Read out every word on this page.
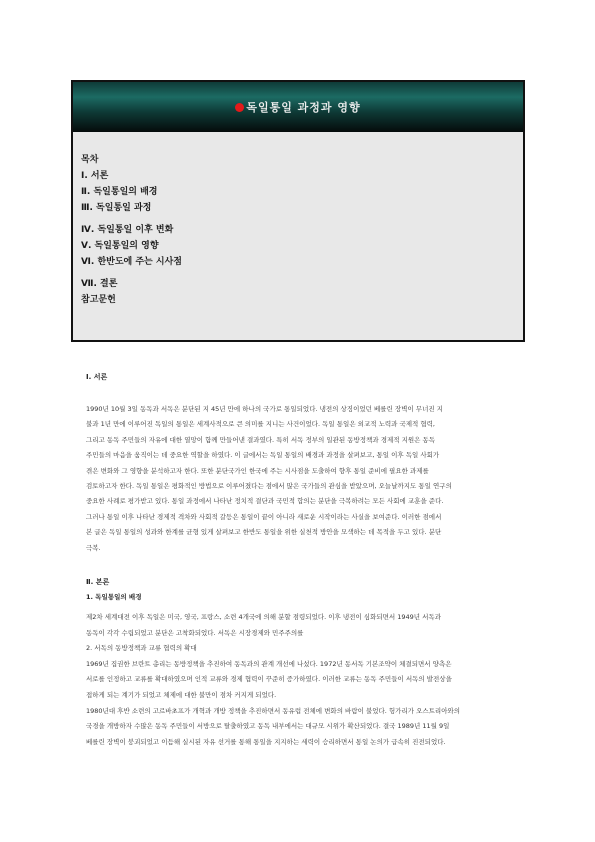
독일통일 과정과 영향
목차
Ⅰ. 서론
Ⅱ. 독일통일의 배경
Ⅲ. 독일통일 과정
Ⅳ. 독일통일 이후 변화
Ⅴ. 독일통일의 영향
Ⅵ. 한반도에 주는 시사점
Ⅶ. 결론
참고문헌
Ⅰ. 서론
1990년 10월 3일 동독과 서독은 분단된 지 45년 만에 하나의 국가로 통일되었다. 냉전의 상징이었던 베를린 장벽이 무너진 지
불과 1년 만에 이루어진 독일의 통일은 세계사적으로 큰 의미를 지니는 사건이었다. 독일 통일은 외교적 노력과 국제적 협력,
그리고 동독 주민들의 자유에 대한 열망이 함께 만들어낸 결과였다. 특히 서독 정부의 일관된 동방정책과 경제적 지원은 동독
주민들의 마음을 움직이는 데 중요한 역할을 하였다. 이 글에서는 독일 통일의 배경과 과정을 살펴보고, 통일 이후 독일 사회가
겪은 변화와 그 영향을 분석하고자 한다. 또한 분단국가인 한국에 주는 시사점을 도출하여 향후 통일 준비에 필요한 과제를
검토하고자 한다. 독일 통일은 평화적인 방법으로 이루어졌다는 점에서 많은 국가들의 관심을 받았으며, 오늘날까지도 통일 연구의
중요한 사례로 평가받고 있다. 통일 과정에서 나타난 정치적 결단과 국민적 합의는 분단을 극복하려는 모든 사회에 교훈을 준다.
그러나 통일 이후 나타난 경제적 격차와 사회적 갈등은 통일이 끝이 아니라 새로운 시작이라는 사실을 보여준다. 이러한 점에서
본 글은 독일 통일의 성과와 한계를 균형 있게 살펴보고 한반도 통일을 위한 실천적 방안을 모색하는 데 목적을 두고 있다. 분단
극복.
Ⅱ. 본론
1. 독일통일의 배경
제2차 세계대전 이후 독일은 미국, 영국, 프랑스, 소련 4개국에 의해 분할 점령되었다. 이후 냉전이 심화되면서 1949년 서독과
동독이 각각 수립되었고 분단은 고착화되었다. 서독은 시장경제와 민주주의를
2. 서독의 동방정책과 교류 협력의 확대
1969년 집권한 브란트 총리는 동방정책을 추진하여 동독과의 관계 개선에 나섰다. 1972년 동서독 기본조약이 체결되면서 양측은
서로를 인정하고 교류를 확대하였으며 인적 교류와 경제 협력이 꾸준히 증가하였다. 이러한 교류는 동독 주민들이 서독의 발전상을
접하게 되는 계기가 되었고 체제에 대한 불만이 점차 커지게 되었다.
1980년대 후반 소련의 고르바초프가 개혁과 개방 정책을 추진하면서 동유럽 전체에 변화의 바람이 불었다. 헝가리가 오스트리아와의
국경을 개방하자 수많은 동독 주민들이 서방으로 탈출하였고 동독 내부에서는 대규모 시위가 확산되었다. 결국 1989년 11월 9일
베를린 장벽이 붕괴되었고 이듬해 실시된 자유 선거를 통해 통일을 지지하는 세력이 승리하면서 통일 논의가 급속히 진전되었다.
